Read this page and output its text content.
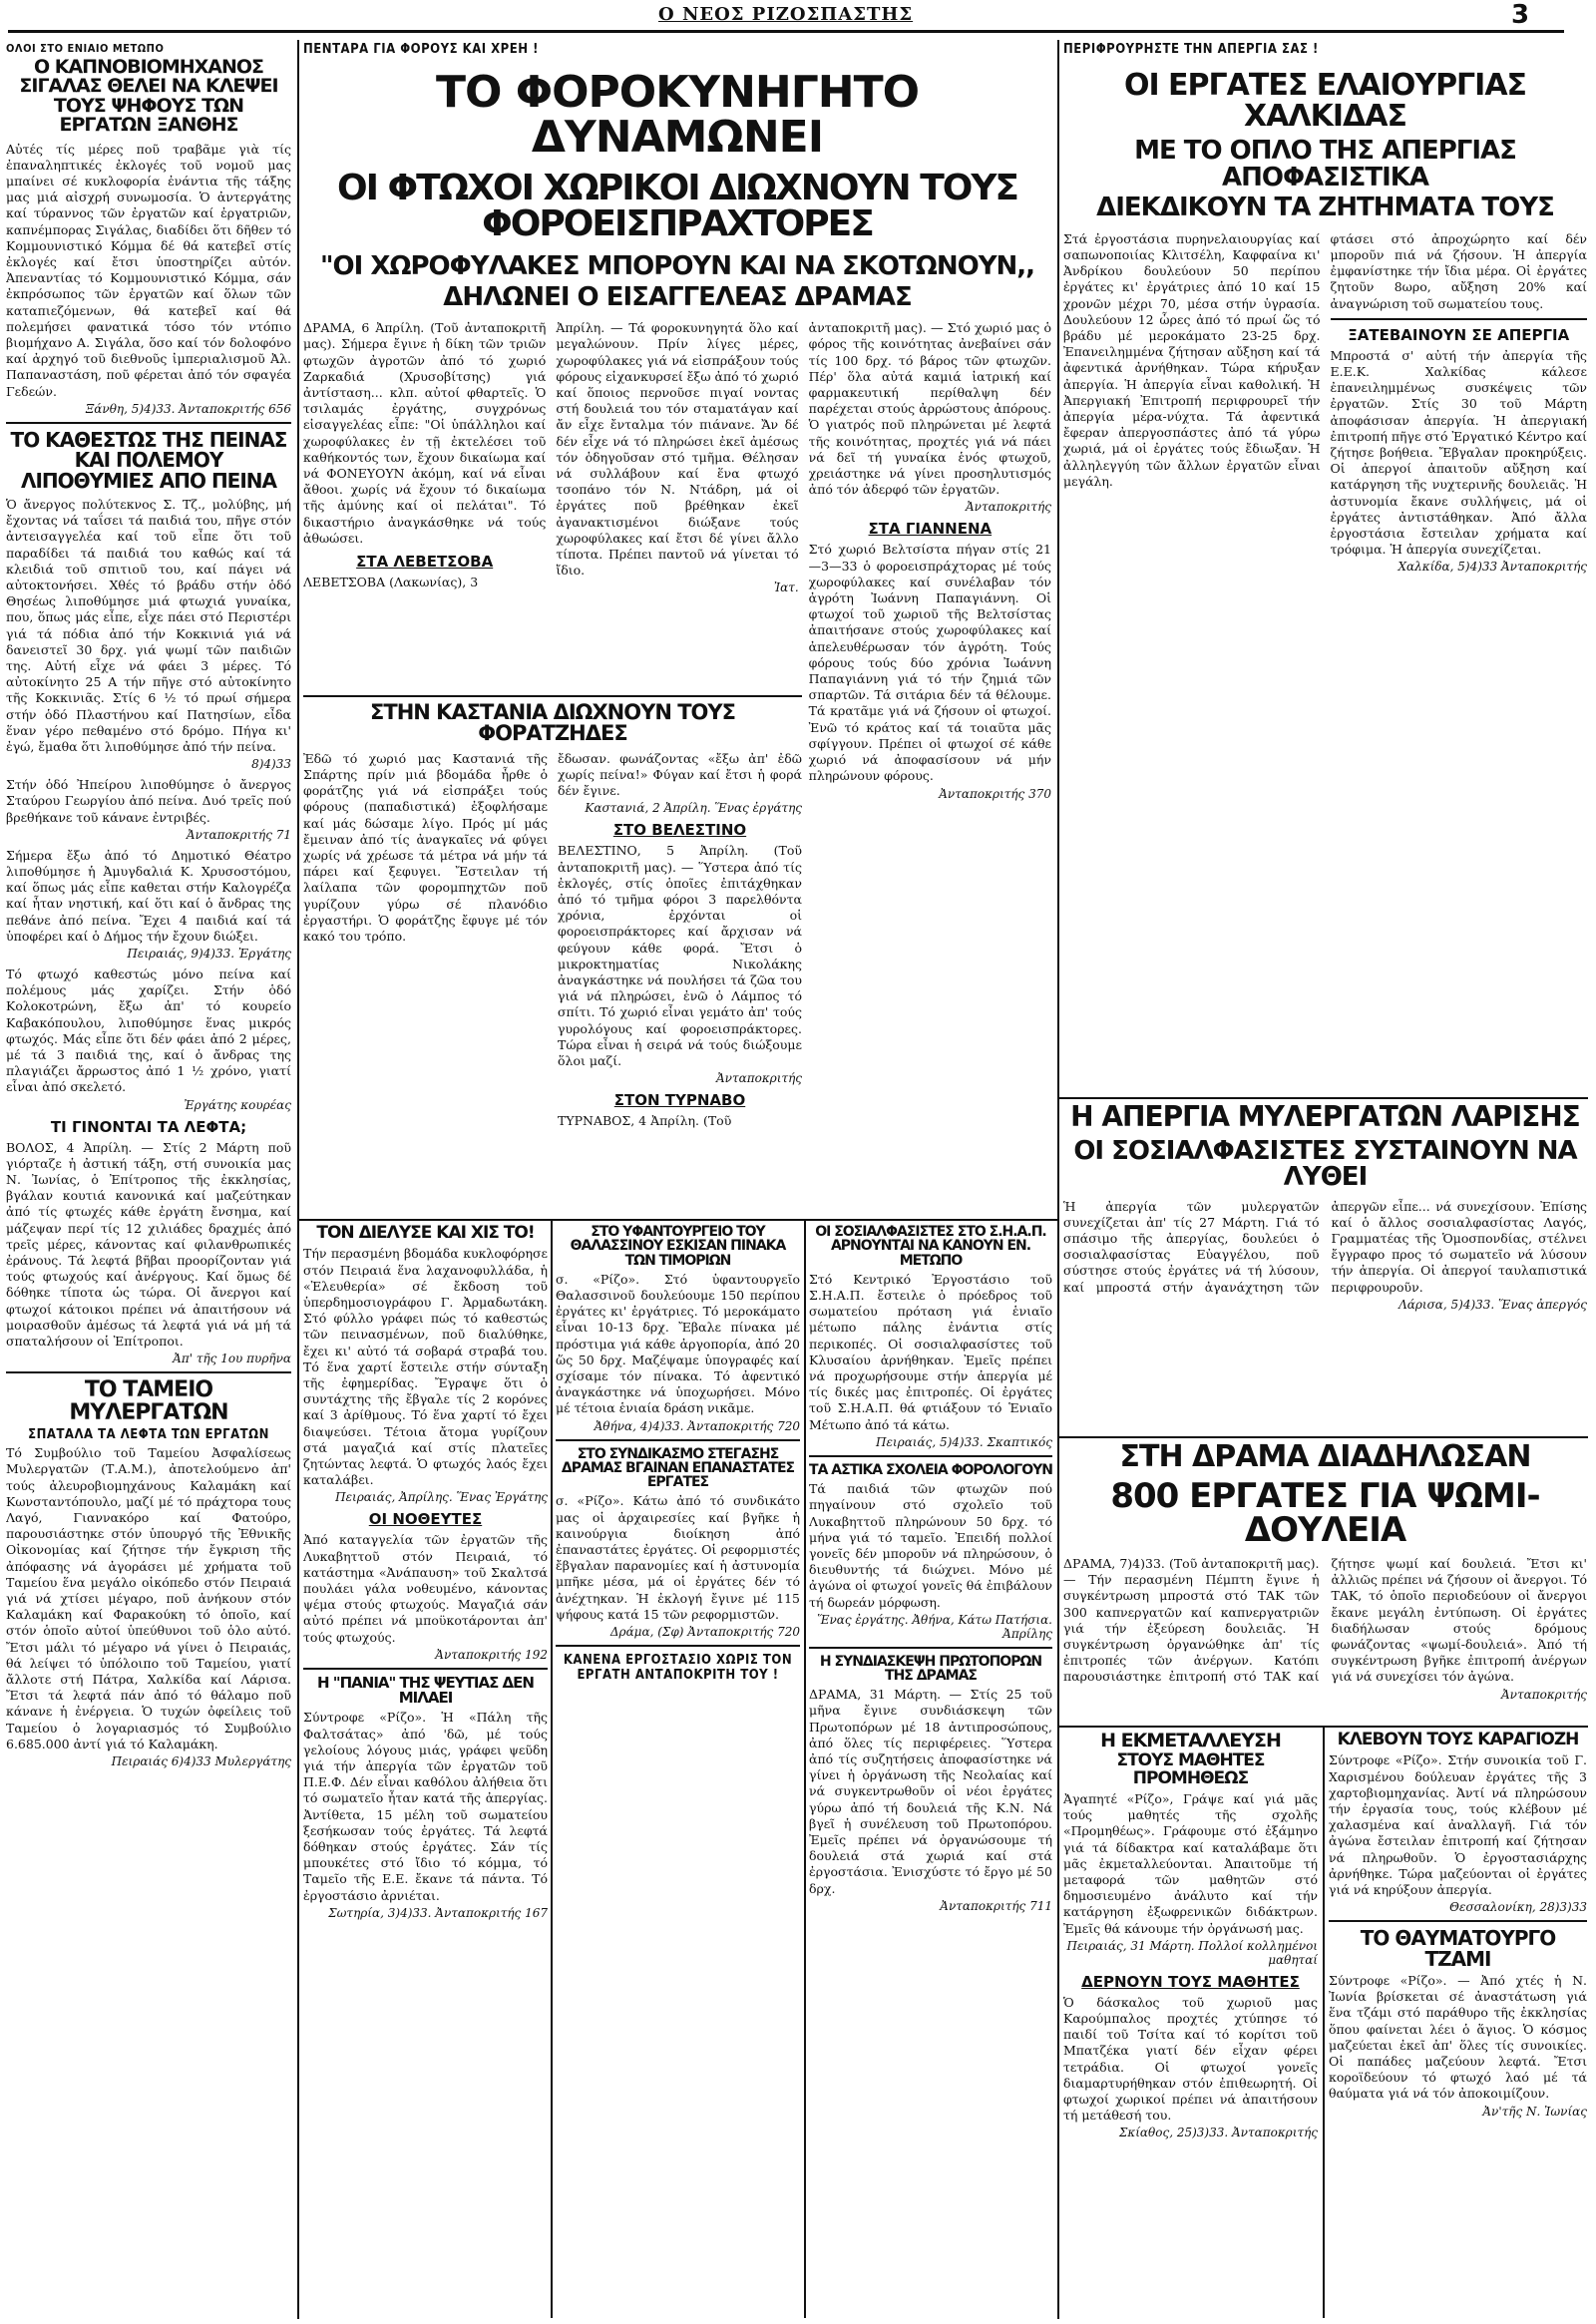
Ο ΝΕΟΣ ΡΙΖΟΣΠΑΣΤΗΣ	3
ΟΛΟΙ ΣΤΟ ΕΝΙΑΙΟ ΜΕΤΩΠΟ
Ο ΚΑΠΝΟΒΙΟΜΗΧΑΝΟΣ ΣΙΓΑΛΑΣ ΘΕΛΕΙ ΝΑ ΚΛΕΨΕΙ ΤΟΥΣ ΨΗΦΟΥΣ ΤΩΝ ΕΡΓΑΤΩΝ ΞΑΝΘΗΣ
Αὐτές τίς μέρες ποῦ τραβᾶμε γιὰ τίς ἐπαναληπτικές ἐκλογές τοῦ νομοῦ μας μπαίνει σέ κυκλοφορία ἐνάντια τῆς τάξης μας μιά αἰσχρή συνωμοσία. Ὁ ἀντεργάτης καί τύραννος τῶν ἐργατῶν καί ἐργατριῶν, καπνέμπορας Σιγάλας, διαδίδει ὅτι δῆθεν τό Κομμουνιστικό Κόμμα δέ θά κατεβεῖ στίς ἐκλογές καί ἔτσι ὑποστηρίζει αὐτόν. Ἀπεναντίας τό Κομμουνιστικό Κόμμα, σάν ἐκπρόσωπος τῶν ἐργατῶν καί ὅλων τῶν καταπιεζόμενων, θά κατεβεῖ καί θά πολεμήσει φανατικά τόσο τόν ντόπιο βιομήχανο Α. Σιγάλα, ὅσο καί τόν δολοφόνο καί ἀρχηγό τοῦ διεθνοῦς ἰμπεριαλισμοῦ Ἀλ. Παπαναστάση, ποῦ φέρεται ἀπό τόν σφαγέα Γεδεών.
Ξάνθη, 5)4)33. Ἀνταποκριτής 656
ΤΟ ΚΑΘΕΣΤΩΣ ΤΗΣ ΠΕΙΝΑΣ ΚΑΙ ΠΟΛΕΜΟΥ ΛΙΠΟΘΥΜΙΕΣ ΑΠΟ ΠΕΙΝΑ
Ὁ ἄνεργος πολύτεκνος Σ. Τζ., μολύβης, μή ἔχοντας νά ταΐσει τά παιδιά του, πῆγε στόν ἀντεισαγγελέα καί τοῦ εἶπε ὅτι τοῦ παραδίδει τά παιδιά του καθώς καί τά κλειδιά τοῦ σπιτιοῦ του, καί πάγει νά αὐτοκτονήσει. Χθές τό βράδυ στήν ὁδό Θησέως λιποθύμησε μιά φτωχιά γυναίκα, που, ὅπως μάς εἶπε, εἶχε πάει στό Περιστέρι γιά τά πόδια ἀπό τήν Κοκκινιά γιά νά δανειστεῖ 30 δρχ. γιά ψωμί τῶν παιδιῶν της. Αὐτή εἶχε νά φάει 3 μέρες. Τό αὐτοκίνητο 25 Α τήν πῆγε στό αὐτοκίνητο τῆς Κοκκινιᾶς. Στίς 6 ½ τό πρωί σήμερα στήν ὁδό Πλαστήνου καί Πατησίων, εἶδα ἕναν γέρο πεθαμένο στό δρόμο. Πήγα κι' ἐγώ, ἔμαθα ὅτι λιποθύμησε ἀπό τήν πείνα.
8)4)33
Στήν ὁδό Ἠπείρου λιποθύμησε ὁ ἄνεργος Σταύρου Γεωργίου ἀπό πείνα. Δυό τρεῖς πού βρεθήκανε τοῦ κάνανε ἐντριβές.
Ἀνταποκριτής 71
Σήμερα ἔξω ἀπό τό Δημοτικό Θέατρο λιποθύμησε ἡ Ἀμυγδαλιά Κ. Χρυσοστόμου, καί ὅπως μάς εἶπε καθεται στήν Καλογρέζα καί ἦταν νηστική, καί ὅτι καί ὁ ἄνδρας της πεθάνε ἀπό πείνα. Ἔχει 4 παιδιά καί τά ὑποφέρει καί ὁ Δήμος τήν ἔχουν διώξει.
Πειραιάς, 9)4)33. Ἐργάτης
Τό φτωχό καθεστώς μόνο πείνα καί πολέμους μάς χαρίζει. Στήν ὁδό Κολοκοτρώνη, ἔξω ἀπ' τό κουρείο Καβακόπουλου, λιποθύμησε ἕνας μικρός φτωχός. Μάς εἶπε ὅτι δέν φάει ἀπό 2 μέρες, μέ τά 3 παιδιά της, καί ὁ ἄνδρας της πλαγιάζει ἄρρωστος ἀπό 1 ½ χρόνο, γιατί εἶναι ἀπό σκελετό.
Ἐργάτης κουρέας
ΤΙ ΓΙΝΟΝΤΑΙ ΤΑ ΛΕΦΤΑ;
ΒΟΛΟΣ, 4 Ἀπρίλη. — Στίς 2 Μάρτη ποῦ γιόρταζε ἡ ἀστική τάξη, στή συνοικία μας Ν. Ἰωνίας, ὁ Ἐπίτροπος τῆς ἐκκλησίας, βγάλαν κουτιά κανονικά καί μαζεύτηκαν ἀπό τίς φτωχές κάθε ἐργάτη ἔνσημα, καί μάζεψαν περί τίς 12 χιλιάδες δραχμές ἀπό τρεῖς μέρες, κάνοντας καί φιλανθρωπικές ἐράνους. Τά λεφτά βῆβαι προορίζονταν γιά τούς φτωχούς καί ἀνέργους. Καί ὅμως δέ δόθηκε τίποτα ὡς τώρα. Οἱ ἄνεργοι καί φτωχοί κάτοικοι πρέπει νά ἀπαιτήσουν νά μοιρασθοῦν ἀμέσως τά λεφτά γιά νά μή τά σπαταλήσουν οἱ Ἐπίτροποι.
Ἀπ' τῆς 1ου πυρῆνα
ΤΟ ΤΑΜΕΙΟ ΜΥΛΕΡΓΑΤΩΝ
ΣΠΑΤΑΛΑ ΤΑ ΛΕΦΤΑ ΤΩΝ ΕΡΓΑΤΩΝ
Τό Συμβούλιο τοῦ Ταμείου Ἀσφαλίσεως Μυλεργατῶν (Τ.Α.Μ.), ἀποτελούμενο ἀπ' τούς ἀλευροβιομηχάνους Καλαμάκη καί Κωνσταντόπουλο, μαζί μέ τό πράχτορα τους Λαγό, Γιαννακόρο καί Φατούρο, παρουσιάστηκε στόν ὑπουργό τῆς Ἐθνικῆς Οἰκονομίας καί ζήτησε τήν ἔγκριση τῆς ἀπόφασης νά ἀγοράσει μέ χρήματα τοῦ Ταμείου ἕνα μεγάλο οἰκόπεδο στόν Πειραιά γιά νά χτίσει μέγαρο, ποῦ ἀνήκουν στόν Καλαμάκη καί Φαρακούκη τό ὁποῖο, καί στόν ὁποῖο αὐτοί ὑπεύθυνοι τοῦ ὁλο αὐτό. Ἔτσι μάλι τό μέγαρο νά γίνει ὁ Πειραιάς, θά λείψει τό ὑπόλοιπο τοῦ Ταμείου, γιατί ἄλλοτε στή Πάτρα, Χαλκίδα καί Λάρισα. Ἔτσι τά λεφτά πάν ἀπό τό θάλαμο ποῦ κάνανε ἡ ἐνέργεια. Ὁ τυχών ὀφείλεις τοῦ Ταμείου ὁ λογαριασμός τό Συμβούλιο 6.685.000 ἀντί γιά τό Καλαμάκη.
Πειραιάς 6)4)33 Μυλεργάτης
ΠΕΝΤΑΡΑ ΓΙΑ ΦΟΡΟΥΣ ΚΑΙ ΧΡΕΗ !
ΤΟ ΦΟΡΟΚΥΝΗΓΗΤΟ ΔΥΝΑΜΩΝΕΙ
ΟΙ ΦΤΩΧΟΙ ΧΩΡΙΚΟΙ ΔΙΩΧΝΟΥΝ ΤΟΥΣ ΦΟΡΟΕΙΣΠΡΑΧΤΟΡΕΣ
"ΟΙ ΧΩΡΟΦΥΛΑΚΕΣ ΜΠΟΡΟΥΝ ΚΑΙ ΝΑ ΣΚΟΤΩΝΟΥΝ,,
ΔΗΛΩΝΕΙ Ο ΕΙΣΑΓΓΕΛΕΑΣ ΔΡΑΜΑΣ
ΔΡΑΜΑ, 6 Ἀπρίλη. (Τοῦ ἀνταποκριτῆ μας). Σήμερα ἔγινε ἡ δίκη τῶν τριῶν φτωχῶν ἀγροτῶν ἀπό τό χωριό Ζαρκαδιά (Χρυσοβίτσης) γιά ἀντίσταση... κλπ. αὐτοί φθαρτεῖς. Ὁ τσιλαμάς ἐργάτης, συγχρόνως εἰσαγγελέας εἶπε: "Οἱ ὑπάλληλοι καί χωροφύλακες ἐν τῇ ἐκτελέσει τοῦ καθήκοντός των, ἔχουν δικαίωμα καί νά ΦΟΝΕΥΟΥΝ ἀκόμη, καί νά εἶναι ἄθοοι. χωρίς νά ἔχουν τό δικαίωμα τῆς ἀμύνης καί οἱ πελάται". Τό δικαστήριο ἀναγκάσθηκε νά τούς ἀθωώσει.
ΣΤΑ ΛΕΒΕΤΣΟΒΑ
ΛΕΒΕΤΣΟΒΑ (Λακωνίας), 3
Ἀπρίλη. — Τά φοροκυνηγητά ὅλο καί μεγαλώνουν. Πρίν λίγες μέρες, χωροφύλακες γιά νά εἰσπράξουν τούς φόρους εἰχανκυρσεί ἔξω ἀπό τό χωριό καί ὅποιος περνοῦσε πιγαί νοντας στή δουλειά του τόν σταματάγαν καί ἄν εἶχε ἔνταλμα τόν πιάνανε. Ἄν δέ δέν εἶχε νά τό πληρώσει ἐκεῖ ἀμέσως τόν ὁδηγοῦσαν στό τμῆμα. Θέλησαν νά συλλάβουν καί ἕνα φτωχό τσοπάνο τόν Ν. Ντάδρη, μά οἱ ἐργάτες ποῦ βρέθηκαν ἐκεῖ ἀγανακτισμένοι διώξανε τούς χωροφύλακες καί ἔτσι δέ γίνει ἄλλο τίποτα. Πρέπει παντοῦ νά γίνεται τό ἴδιο.
Ἰατ.
ἀνταποκριτῆ μας). — Στό χωριό μας ὁ φόρος τῆς κοινότητας ἀνεβαίνει σάν τίς 100 δρχ. τό βάρος τῶν φτωχῶν. Πέρ' ὅλα αὐτά καμιά ἰατρική καί φαρμακευτική περίθαλψη δέν παρέχεται στούς ἀρρώστους ἀπόρους. Ὁ γιατρός ποῦ πληρώνεται μέ λεφτά τῆς κοινότητας, προχτές γιά νά πάει νά δεῖ τή γυναίκα ἑνός φτωχοῦ, χρειάστηκε νά γίνει προσηλυτισμός ἀπό τόν ἀδερφό τῶν ἐργατῶν.
Ἀνταποκριτής
ΣΤΑ ΓΙΑΝΝΕΝΑ
Στό χωριό Βελτσίστα πήγαν στίς 21—3—33 ὁ φοροεισπράχτορας μέ τούς χωροφύλακες καί συνέλαβαν τόν ἀγρότη Ἰωάννη Παπαγιάννη. Οἱ φτωχοί τοῦ χωριοῦ τῆς Βελτσίστας ἀπαιτήσανε στούς χωροφύλακες καί ἀπελευθέρωσαν τόν ἀγρότη. Τούς φόρους τούς δύο χρόνια Ἰωάννη Παπαγιάννη γιά τό τήν ζημιά τῶν σπαρτῶν. Τά σιτάρια δέν τά θέλουμε. Τά κρατᾶμε γιά νά ζήσουν οἱ φτωχοί. Ἐνῶ τό κράτος καί τά τοιαῦτα μᾶς σφίγγουν. Πρέπει οἱ φτωχοί σέ κάθε χωριό νά ἀποφασίσουν νά μήν πληρώνουν φόρους.
Ἀνταποκριτής 370
ΣΤΗΝ ΚΑΣΤΑΝΙΑ ΔΙΩΧΝΟΥΝ ΤΟΥΣ ΦΟΡΑΤΖΗΔΕΣ
Ἐδῶ τό χωριό μας Καστανιά τῆς Σπάρτης πρίν μιά βδομάδα ἦρθε ὁ φοράτζης γιά νά εἰσπράξει τούς φόρους (παπαδιστικά) ἐξοφλήσαμε καί μάς δώσαμε λίγο. Πρός μί μάς ἔμειναν ἀπό τίς ἀναγκαῖες νά φύγει χωρίς νά χρέωσε τά μέτρα νά μήν τά πάρει καί ξεφυγει. Ἔστειλαν τή λαίλαπα τῶν φορομπηχτῶν ποῦ γυρίζουν γύρω σέ πλανόδιο ἐργαστήρι. Ὁ φοράτζης ἔφυγε μέ τόν κακό του τρόπο.
ἔδωσαν. φωνάζοντας «ἔξω ἀπ' ἐδῶ χωρίς πείνα!» Φύγαν καί ἔτσι ἡ φορά δέν ἔγινε.
Καστανιά, 2 Ἀπρίλη. Ἕνας ἐργάτης
ΣΤΟ ΒΕΛΕΣΤΙΝΟ
ΒΕΛΕΣΤΙΝΟ, 5 Ἀπρίλη. (Τοῦ ἀνταποκριτῆ μας). — Ὕστερα ἀπό τίς ἐκλογές, στίς ὁποῖες ἐπιτάχθηκαν ἀπό τό τμῆμα φόροι 3 παρελθόντα χρόνια, ἐρχόνται οἱ φοροεισπράκτορες καί ἄρχισαν νά φεύγουν κάθε φορά. Ἔτσι ὁ μικροκτηματίας Νικολάκης ἀναγκάστηκε νά πουλήσει τά ζῶα του γιά νά πληρώσει, ἐνῶ ὁ Λάμπος τό σπίτι. Τό χωριό εἶναι γεμάτο ἀπ' τούς γυρολόγους καί φοροεισπράκτορες. Τώρα εἶναι ἡ σειρά νά τούς διώξουμε ὅλοι μαζί.
Ἀνταποκριτής
ΣΤΟΝ ΤΥΡΝΑΒΟ
ΤΥΡΝΑΒΟΣ, 4 Ἀπρίλη. (Τοῦ
ΤΟΝ ΔΙΕΛΥΣΕ ΚΑΙ ΧΙΣ ΤΟ!
Τήν περασμένη βδομάδα κυκλοφόρησε στόν Πειραιά ἕνα λαχανοφυλλάδα, ἡ «Ἐλευθερία» σέ ἔκδοση τοῦ ὑπερδημοσιογράφου Γ. Ἀρμαδωτάκη. Στό φύλλο γράφει πώς τό καθεστώς τῶν πεινασμένων, ποῦ διαλύθηκε, ἔχει κι' αὐτό τά σοβαρά στραβά του. Τό ἕνα χαρτί ἔστειλε στήν σύνταξη τῆς ἐφημερίδας. Ἔγραψε ὅτι ὁ συντάχτης τῆς ἔβγαλε τίς 2 κορόνες καί 3 ἀρίθμους. Τό ἕνα χαρτί τό ἔχει διαψεύσει. Τέτοια ἄτομα γυρίζουν στά μαγαζιά καί στίς πλατεῖες ζητώντας λεφτά. Ὁ φτωχός λαός ἔχει καταλάβει.
Πειραιάς, Ἀπρίλης. Ἕνας Ἐργάτης
ΟΙ ΝΟΘΕΥΤΕΣ
Ἀπό καταγγελία τῶν ἐργατῶν τῆς Λυκαβηττοῦ στόν Πειραιά, τό κατάστημα «Ἀνάπαυση» τοῦ Σκαλτσά πουλάει γάλα νοθευμένο, κάνοντας ψέμα στούς φτωχούς. Μαγαζιά σάν αὐτό πρέπει νά μποϋκοτάρονται ἀπ' τούς φτωχούς.
Ἀνταποκριτής 192
Η "ΠΑΝΙΑ" ΤΗΣ ΨΕΥΤΙΑΣ ΔΕΝ ΜΙΛΑΕΙ
Σύντροφε «Ρίζο». Ἡ «Πάλη τῆς Φαλτσάτας» ἀπό 'δῶ, μέ τούς γελοίους λόγους μιάς, γράφει ψεῦδη γιά τήν ἀπεργία τῶν ἐργατῶν τοῦ Π.Ε.Φ. Δέν εἶναι καθόλου ἀλήθεια ὅτι τό σωματεῖο ἦταν κατά τῆς ἀπεργίας. Ἀντίθετα, 15 μέλη τοῦ σωματείου ξεσήκωσαν τούς ἐργάτες. Τά λεφτά δόθηκαν στούς ἐργάτες. Σάν τίς μπουκέτες στό ἴδιο τό κόμμα, τό Ταμεῖο τῆς Ε.Ε. ἔκανε τά πάντα. Τό ἐργοστάσιο ἀρνιέται.
Σωτηρία, 3)4)33. Ἀνταποκριτής 167
ΣΤΟ ΥΦΑΝΤΟΥΡΓΕΙΟ ΤΟΥ ΘΑΛΑΣΣΙΝΟΥ ΕΣΚΙΣΑΝ ΠΙΝΑΚΑ ΤΩΝ ΤΙΜΟΡΙΩΝ
σ. «Ρίζο». Στό ὑφαντουργεῖο Θαλασσινοῦ δουλεύουμε 150 περίπου ἐργάτες κι' ἐργάτριες. Τό μεροκάματο εἶναι 10-13 δρχ. Ἔβαλε πίνακα μέ πρόστιμα γιά κάθε ἀργοπορία, ἀπό 20 ὥς 50 δρχ. Μαζέψαμε ὑπογραφές καί σχίσαμε τόν πίνακα. Τό ἀφεντικό ἀναγκάστηκε νά ὑποχωρήσει. Μόνο μέ τέτοια ἑνιαία δράση νικᾶμε.
Ἀθήνα, 4)4)33. Ἀνταποκριτής 720
ΣΤΟ ΣΥΝΔΙΚΑΣΜΟ ΣΤΕΓΑΣΗΣ ΔΡΑΜΑΣ ΒΓΑΙΝΑΝ ΕΠΑΝΑΣΤΑΤΕΣ ΕΡΓΑΤΕΣ
σ. «Ρίζο». Κάτω ἀπό τό συνδικάτο μας οἱ ἀρχαιρεσίες καί βγῆκε ἡ καινούργια διοίκηση ἀπό ἐπαναστάτες ἐργάτες. Οἱ ρεφορμιστές ἔβγαλαν παρανομίες καί ἡ ἀστυνομία μπῆκε μέσα, μά οἱ ἐργάτες δέν τό ἀνέχτηκαν. Ἡ ἐκλογή ἔγινε μέ 115 ψήφους κατά 15 τῶν ρεφορμιστῶν.
Δράμα, (Σφ) Ἀνταποκριτής 720
ΚΑΝΕΝΑ ΕΡΓΟΣΤΑΣΙΟ ΧΩΡΙΣ ΤΟΝ ΕΡΓΑΤΗ ΑΝΤΑΠΟΚΡΙΤΗ ΤΟΥ !
ΟΙ ΣΟΣΙΑΛΦΑΣΙΣΤΕΣ ΣΤΟ Σ.Η.Α.Π. ΑΡΝΟΥΝΤΑΙ ΝΑ ΚΑΝΟΥΝ ΕΝ. ΜΕΤΩΠΟ
Στό Κεντρικό Ἐργοστάσιο τοῦ Σ.Η.Α.Π. ἔστειλε ὁ πρόεδρος τοῦ σωματείου πρόταση γιά ἑνιαῖο μέτωπο πάλης ἐνάντια στίς περικοπές. Οἱ σοσιαλφασίστες τοῦ Κλυσαίου ἀρνήθηκαν. Ἐμεῖς πρέπει νά προχωρήσουμε στήν ἀπεργία μέ τίς δικές μας ἐπιτροπές. Οἱ ἐργάτες τοῦ Σ.Η.Α.Π. θά φτιάξουν τό Ἑνιαῖο Μέτωπο ἀπό τά κάτω.
Πειραιάς, 5)4)33. Σκαπτικός
ΤΑ ΑΣΤΙΚΑ ΣΧΟΛΕΙΑ ΦΟΡΟΛΟΓΟΥΝ
Τά παιδιά τῶν φτωχῶν πού πηγαίνουν στό σχολεῖο τοῦ Λυκαβηττοῦ πληρώνουν 50 δρχ. τό μήνα γιά τό ταμεῖο. Ἐπειδή πολλοί γονεῖς δέν μποροῦν νά πληρώσουν, ὁ διευθυντής τά διώχνει. Μόνο μέ ἀγώνα οἱ φτωχοί γονεῖς θά ἐπιβάλουν τή δωρεάν μόρφωση.
Ἕνας ἐργάτης. Ἀθήνα, Κάτω Πατήσια. Ἀπρίλης
Η ΣΥΝΔΙΑΣΚΕΨΗ ΠΡΩΤΟΠΟΡΩΝ ΤΗΣ ΔΡΑΜΑΣ
ΔΡΑΜΑ, 31 Μάρτη. — Στίς 25 τοῦ μῆνα ἔγινε συνδιάσκεψη τῶν Πρωτοπόρων μέ 18 ἀντιπροσώπους, ἀπό ὅλες τίς περιφέρειες. Ὕστερα ἀπό τίς συζητήσεις ἀποφασίστηκε νά γίνει ἡ ὀργάνωση τῆς Νεολαίας καί νά συγκεντρωθοῦν οἱ νέοι ἐργάτες γύρω ἀπό τή δουλειά τῆς Κ.Ν. Νά βγεῖ ἡ συνέλευση τοῦ Πρωτοπόρου. Ἐμεῖς πρέπει νά ὀργανώσουμε τή δουλειά στά χωριά καί στά ἐργοστάσια. Ἐνισχύστε τό ἔργο μέ 50 δρχ.
Ἀνταποκριτής 711
ΠΕΡΙΦΡΟΥΡΗΣΤΕ ΤΗΝ ΑΠΕΡΓΙΑ ΣΑΣ !
ΟΙ ΕΡΓΑΤΕΣ ΕΛΑΙΟΥΡΓΙΑΣ ΧΑΛΚΙΔΑΣ
ΜΕ ΤΟ ΟΠΛΟ ΤΗΣ ΑΠΕΡΓΙΑΣ ΑΠΟΦΑΣΙΣΤΙΚΑ
ΔΙΕΚΔΙΚΟΥΝ ΤΑ ΖΗΤΗΜΑΤΑ ΤΟΥΣ
Στά ἐργοστάσια πυρηνελαιουργίας καί σαπωνοποιίας Κλιτσέλη, Καφφαίνα κι' Ἀνδρίκου δουλεύουν 50 περίπου ἐργάτες κι' ἐργάτριες ἀπό 10 καί 15 χρονῶν μέχρι 70, μέσα στήν ὑγρασία. Δουλεύουν 12 ὧρες ἀπό τό πρωί ὥς τό βράδυ μέ μεροκάματο 23-25 δρχ. Ἐπανειλημμένα ζήτησαν αὔξηση καί τά ἀφεντικά ἀρνήθηκαν. Τώρα κήρυξαν ἀπεργία. Ἡ ἀπεργία εἶναι καθολική. Ἡ Ἀπεργιακή Ἐπιτροπή περιφρουρεῖ τήν ἀπεργία μέρα-νύχτα. Τά ἀφεντικά ἔφεραν ἀπεργοσπάστες ἀπό τά γύρω χωριά, μά οἱ ἐργάτες τούς ἔδιωξαν. Ἡ ἀλληλεγγύη τῶν ἄλλων ἐργατῶν εἶναι μεγάλη.
φτάσει στό ἀπροχώρητο καί δέν μποροῦν πιά νά ζήσουν. Ἡ ἀπεργία ἐμφανίστηκε τήν ἴδια μέρα. Οἱ ἐργάτες ζητοῦν 8ωρο, αὔξηση 20% καί ἀναγνώριση τοῦ σωματείου τους.
ΞΑΤΕΒΑΙΝΟΥΝ ΣΕ ΑΠΕΡΓΙΑ
Μπροστά σ' αὐτή τήν ἀπεργία τῆς Ε.Ε.Κ. Χαλκίδας κάλεσε ἐπανειλημμένως συσκέψεις τῶν ἐργατῶν. Στίς 30 τοῦ Μάρτη ἀποφάσισαν ἀπεργία. Ἡ ἀπεργιακή ἐπιτροπή πῆγε στό Ἐργατικό Κέντρο καί ζήτησε βοήθεια. Ἔβγαλαν προκηρύξεις. Οἱ ἀπεργοί ἀπαιτοῦν αὔξηση καί κατάργηση τῆς νυχτερινῆς δουλειᾶς. Ἡ ἀστυνομία ἔκανε συλλήψεις, μά οἱ ἐργάτες ἀντιστάθηκαν. Ἀπό ἄλλα ἐργοστάσια ἔστειλαν χρήματα καί τρόφιμα. Ἡ ἀπεργία συνεχίζεται.
Χαλκίδα, 5)4)33 Ἀνταποκριτής
Η ΑΠΕΡΓΙΑ ΜΥΛΕΡΓΑΤΩΝ ΛΑΡΙΣΗΣ
ΟΙ ΣΟΣΙΑΛΦΑΣΙΣΤΕΣ ΣΥΣΤΑΙΝΟΥΝ ΝΑ ΛΥΘΕΙ
Ἡ ἀπεργία τῶν μυλεργατῶν συνεχίζεται ἀπ' τίς 27 Μάρτη. Γιά τό σπάσιμο τῆς ἀπεργίας, δουλεύει ὁ σοσιαλφασίστας Εὐαγγέλου, ποῦ σύστησε στούς ἐργάτες νά τή λύσουν, καί μπροστά στήν ἀγανάχτηση τῶν ἀπεργῶν εἶπε... νά συνεχίσουν. Ἐπίσης καί ὁ ἄλλος σοσιαλφασίστας Λαγός, Γραμματέας τῆς Ὁμοσπονδίας, στέλνει ἔγγραφο προς τό σωματεῖο νά λύσουν τήν ἀπεργία. Οἱ ἀπεργοί ταυλαπιστικά περιφρουροῦν.
Λάρισα, 5)4)33. Ἕνας ἀπεργός
ΣΤΗ ΔΡΑΜΑ ΔΙΑΔΗΛΩΣΑΝ
800 ΕΡΓΑΤΕΣ ΓΙΑ ΨΩΜΙ-ΔΟΥΛΕΙΑ
ΔΡΑΜΑ, 7)4)33. (Τοῦ ἀνταποκριτῆ μας).— Τήν περασμένη Πέμπτη ἔγινε ἡ συγκέντρωση μπροστά στό ΤΑΚ τῶν 300 καπνεργατῶν καί καπνεργατριῶν γιά τήν ἐξεύρεση δουλειᾶς. Ἡ συγκέντρωση ὀργανώθηκε ἀπ' τίς ἐπιτροπές τῶν ἀνέργων. Κατόπι παρουσιάστηκε ἐπιτροπή στό ΤΑΚ καί ζήτησε ψωμί καί δουλειά. Ἔτσι κι' ἀλλιῶς πρέπει νά ζήσουν οἱ ἄνεργοι. Τό ΤΑΚ, τό ὁποῖο περιοδεύουν οἱ ἄνεργοι ἔκανε μεγάλη ἐντύπωση. Οἱ ἐργάτες διαδήλωσαν στούς δρόμους φωνάζοντας «ψωμί-δουλειά». Ἀπό τή συγκέντρωση βγῆκε ἐπιτροπή ἀνέργων γιά νά συνεχίσει τόν ἀγώνα.
Ἀνταποκριτής
Η ΕΚΜΕΤΑΛΛΕΥΣΗ
ΣΤΟΥΣ ΜΑΘΗΤΕΣ ΠΡΟΜΗΘΕΩΣ
Ἀγαπητέ «Ρίζο», Γράψε καί γιά μᾶς τούς μαθητές τῆς σχολῆς «Προμηθέως». Γράφουμε στό ἐξάμηνο γιά τά δίδακτρα καί καταλάβαμε ὅτι μᾶς ἐκμεταλλεύονται. Ἀπαιτοῦμε τή μεταφορά τῶν μαθητῶν στό δημοσιευμένο ἀνάλυτο καί τήν κατάργηση ἐξωφρενικῶν διδάκτρων. Ἐμεῖς θά κάνουμε τήν ὀργάνωσή μας.
Πειραιάς, 31 Μάρτη. Πολλοί κολλημένοι μαθηταί
ΔΕΡΝΟΥΝ ΤΟΥΣ ΜΑΘΗΤΕΣ
Ὁ δάσκαλος τοῦ χωριοῦ μας Καρούμπαλος προχτές χτύπησε τό παιδί τοῦ Τσίτα καί τό κορίτσι τοῦ Μπατζέκα γιατί δέν εἶχαν φέρει τετράδια. Οἱ φτωχοί γονεῖς διαμαρτυρήθηκαν στόν ἐπιθεωρητή. Οἱ φτωχοί χωρικοί πρέπει νά ἀπαιτήσουν τή μετάθεσή του.
Σκίαθος, 25)3)33. Ἀνταποκριτής
ΚΛΕΒΟΥΝ ΤΟΥΣ ΚΑΡΑΓΙΟΖΗ
Σύντροφε «Ρίζο». Στήν συνοικία τοῦ Γ. Χαρισμένου δούλευαν ἐργάτες τῆς 3 χαρτοβιομηχανίας. Ἀντί νά πληρώσουν τήν ἐργασία τους, τούς κλέβουν μέ χαλασμένα καί ἀναλλαγῆ. Γιά τόν ἀγώνα ἔστειλαν ἐπιτροπή καί ζήτησαν νά πληρωθοῦν. Ὁ ἐργοστασιάρχης ἀρνήθηκε. Τώρα μαζεύονται οἱ ἐργάτες γιά νά κηρύξουν ἀπεργία.
Θεσσαλονίκη, 28)3)33
ΤΟ ΘΑΥΜΑΤΟΥΡΓΟ ΤΖΑΜΙ
Σύντροφε «Ρίζο». — Ἀπό χτές ἡ Ν. Ἰωνία βρίσκεται σέ ἀναστάτωση γιά ἕνα τζάμι στό παράθυρο τῆς ἐκκλησίας ὅπου φαίνεται λέει ὁ ἅγιος. Ὁ κόσμος μαζεύεται ἐκεῖ ἀπ' ὅλες τίς συνοικίες. Οἱ παπάδες μαζεύουν λεφτά. Ἔτσι κοροϊδεύουν τό φτωχό λαό μέ τά θαύματα γιά νά τόν ἀποκοιμίζουν.
Ἀν'τῆς Ν. Ἰωνίας
